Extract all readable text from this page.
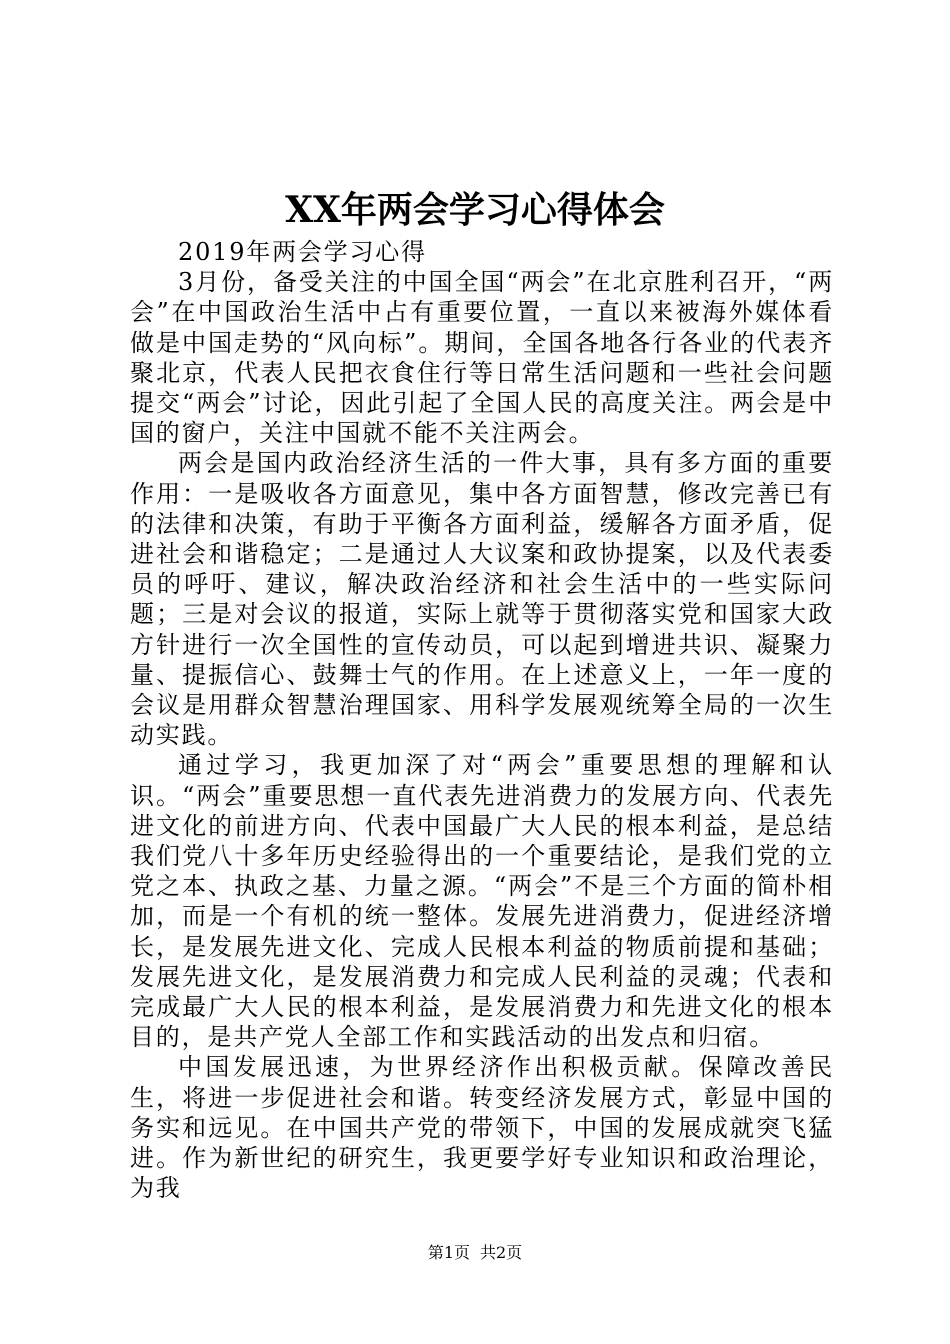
XX年两会学习心得体会

2019年两会学习心得

3月份，备受关注的中国全国“两会”在北京胜利召开，“两会”在中国政治生活中占有重要位置，一直以来被海外媒体看做是中国走势的“风向标”。期间，全国各地各行各业的代表齐聚北京，代表人民把衣食住行等日常生活问题和一些社会问题提交“两会”讨论，因此引起了全国人民的高度关注。两会是中国的窗户，关注中国就不能不关注两会。

两会是国内政治经济生活的一件大事，具有多方面的重要作用：一是吸收各方面意见，集中各方面智慧，修改完善已有的法律和决策，有助于平衡各方面利益，缓解各方面矛盾，促进社会和谐稳定；二是通过人大议案和政协提案，以及代表委员的呼吁、建议，解决政治经济和社会生活中的一些实际问题；三是对会议的报道，实际上就等于贯彻落实党和国家大政方针进行一次全国性的宣传动员，可以起到增进共识、凝聚力量、提振信心、鼓舞士气的作用。在上述意义上，一年一度的会议是用群众智慧治理国家、用科学发展观统筹全局的一次生动实践。

通过学习，我更加深了对“两会”重要思想的理解和认识。“两会”重要思想一直代表先进消费力的发展方向、代表先进文化的前进方向、代表中国最广大人民的根本利益，是总结我们党八十多年历史经验得出的一个重要结论，是我们党的立党之本、执政之基、力量之源。“两会”不是三个方面的简朴相加，而是一个有机的统一整体。发展先进消费力，促进经济增长，是发展先进文化、完成人民根本利益的物质前提和基础；发展先进文化，是发展消费力和完成人民利益的灵魂；代表和完成最广大人民的根本利益，是发展消费力和先进文化的根本目的，是共产党人全部工作和实践活动的出发点和归宿。

中国发展迅速，为世界经济作出积极贡献。保障改善民生，将进一步促进社会和谐。转变经济发展方式，彰显中国的务实和远见。在中国共产党的带领下，中国的发展成就突飞猛进。作为新世纪的研究生，我更要学好专业知识和政治理论，为我

第1页 共2页
